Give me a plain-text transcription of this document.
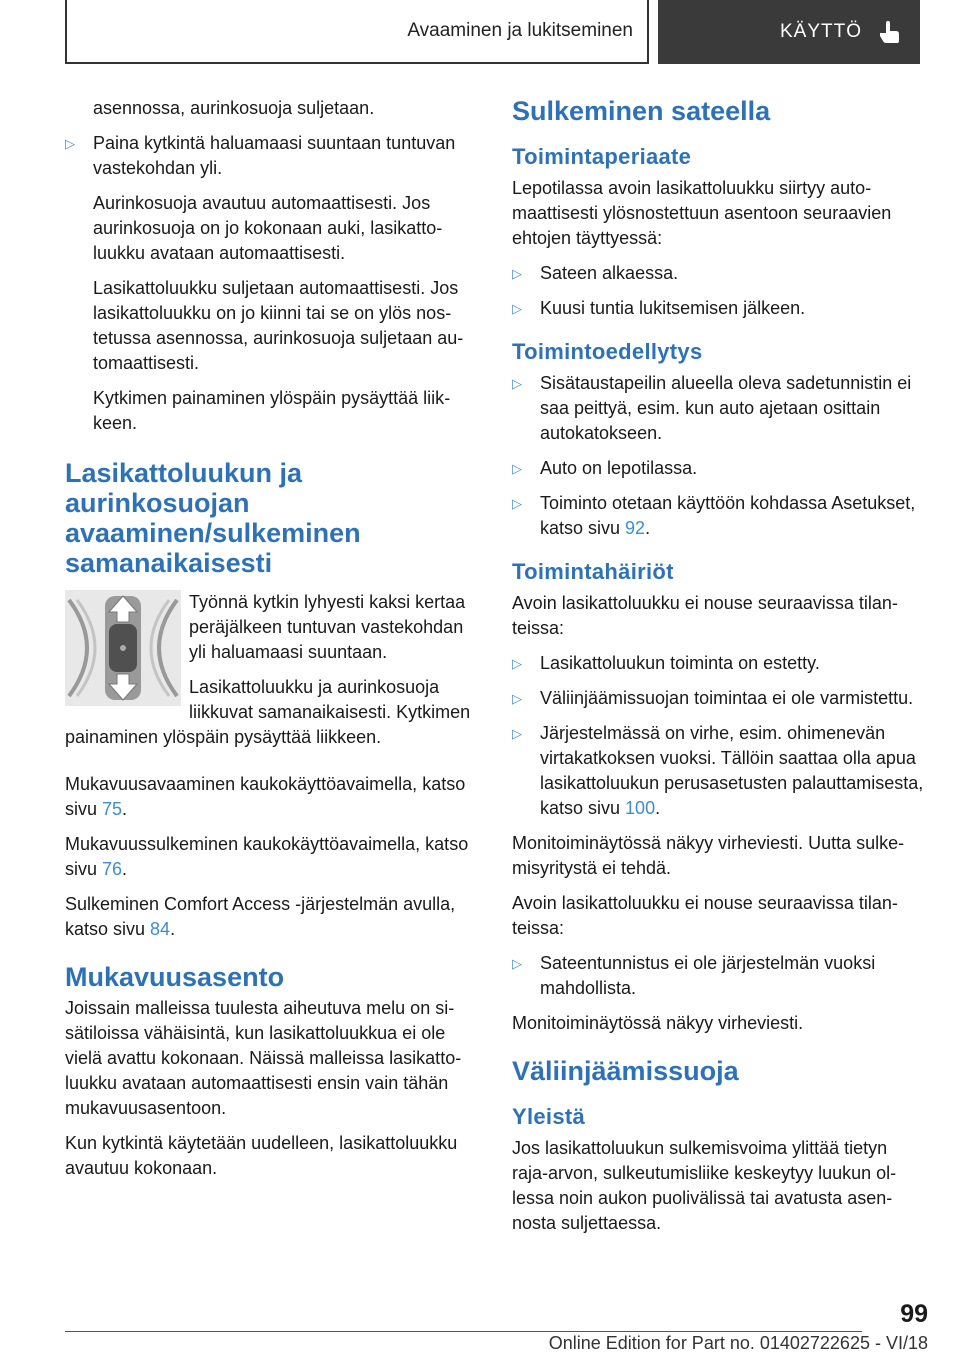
Avaaminen ja lukitseminen	KÄYTTÖ

asennossa, aurinkosuoja suljetaan.

▷	Paina kytkintä haluamaasi suuntaan tuntuvan vastekohdan yli.

Aurinkosuoja avautuu automaattisesti. Jos aurinkosuoja on jo kokonaan auki, lasikattoluukku avataan automaattisesti.

Lasikattoluukku suljetaan automaattisesti. Jos lasikattoluukku on jo kiinni tai se on ylös nostetussa asennossa, aurinkosuoja suljetaan automaattisesti.

Kytkimen painaminen ylöspäin pysäyttää liikkeen.

Lasikattoluukun ja aurinkosuojan avaaminen/sulkeminen samanaikaisesti

Työnnä kytkin lyhyesti kaksi kertaa peräjälkeen tuntuvan vastekohdan yli haluamaasi suuntaan.

Lasikattoluukku ja aurinkosuoja liikkuvat samanaikaisesti. Kytkimen painaminen ylöspäin pysäyttää liikkeen.

Mukavuusavaaminen kaukokäyttöavaimella, katso sivu 75.

Mukavuussulkeminen kaukokäyttöavaimella, katso sivu 76.

Sulkeminen Comfort Access -järjestelmän avulla, katso sivu 84.

Mukavuusasento

Joissain malleissa tuulesta aiheutuva melu on sisätiloissa vähäisintä, kun lasikattoluukkua ei ole vielä avattu kokonaan. Näissä malleissa lasikattoluukku avataan automaattisesti ensin vain tähän mukavuusasentoon.

Kun kytkintä käytetään uudelleen, lasikattoluukku avautuu kokonaan.

Sulkeminen sateella
Toimintaperiaate

Lepotilassa avoin lasikattoluukku siirtyy automaattisesti ylösnostettuun asentoon seuraavien ehtojen täyttyessä:

▷	Sateen alkaessa.
▷	Kuusi tuntia lukitsemisen jälkeen.
Toimintoedellytys
▷	Sisätaustapeilin alueella oleva sadetunnistin ei saa peittyä, esim. kun auto ajetaan osittain autokatokseen.
▷	Auto on lepotilassa.
▷	Toiminto otetaan käyttöön kohdassa Asetukset, katso sivu 92.
Toimintahäiriöt

Avoin lasikattoluukku ei nouse seuraavissa tilanteissa:

▷	Lasikattoluukun toiminta on estetty.
▷	Väliinjäämissuojan toimintaa ei ole varmistettu.
▷	Järjestelmässä on virhe, esim. ohimenevän virtakatkoksen vuoksi. Tällöin saattaa olla apua lasikattoluukun perusasetusten palauttamisesta, katso sivu 100.

Monitoiminäytössä näkyy virheviesti. Uutta sulkemisyritystä ei tehdä.

Avoin lasikattoluukku ei nouse seuraavissa tilanteissa:

▷	Sateentunnistus ei ole järjestelmän vuoksi mahdollista.

Monitoiminäytössä näkyy virheviesti.

Väliinjäämissuoja
Yleistä

Jos lasikattoluukun sulkemisvoima ylittää tietyn raja-arvon, sulkeutumisliike keskeytyy luukun ollessa noin aukon puolivälissä tai avatusta asennosta suljettaessa.

99
Online Edition for Part no. 01402722625 - VI/18
